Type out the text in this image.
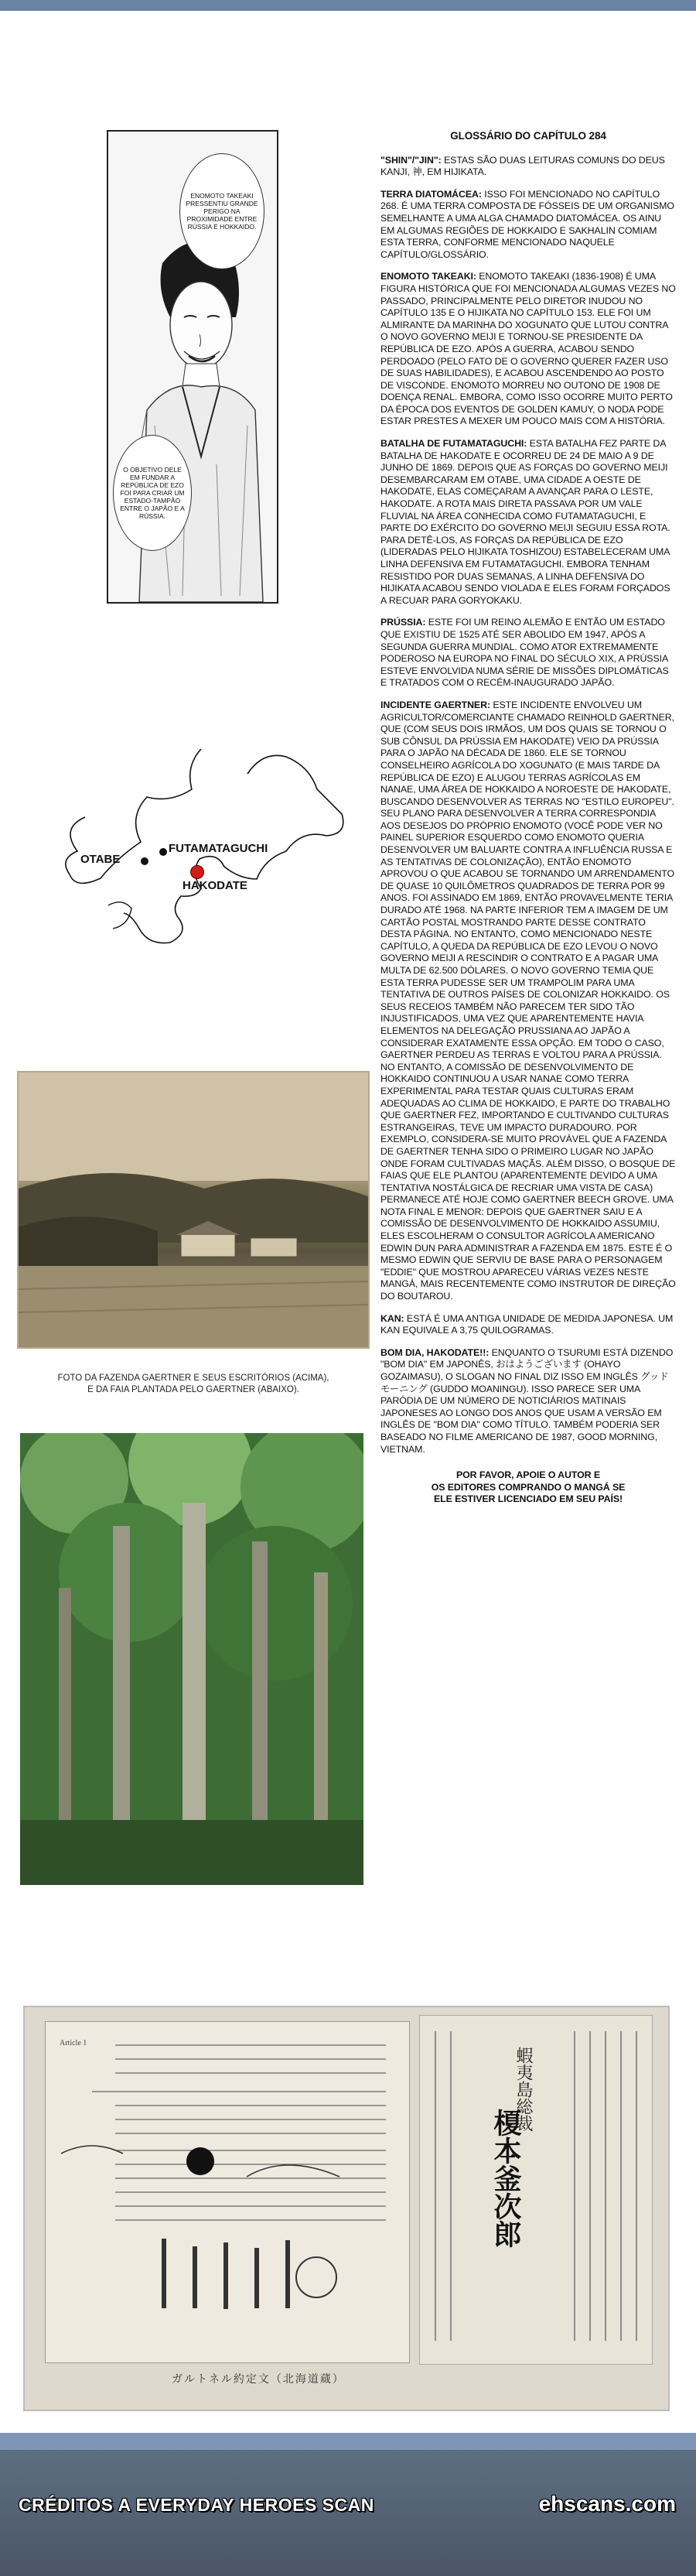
ENOMOTO TAKEAKI PRESSENTIU GRANDE PERIGO NA PROXIMIDADE ENTRE RÚSSIA E HOKKAIDO.
O OBJETIVO DELE EM FUNDAR A REPÚBLICA DE EZO FOI PARA CRIAR UM ESTADO-TAMPÃO ENTRE O JAPÃO E A RÚSSIA.
OTABE
FUTAMATAGUCHI
HAKODATE
FOTO DA FAZENDA GAERTNER E SEUS ESCRITÓRIOS (ACIMA),
E DA FAIA PLANTADA PELO GAERTNER (ABAIXO).
GLOSSÁRIO DO CAPÍTULO 284

"SHIN"/"JIN": ESTAS SÃO DUAS LEITURAS COMUNS DO DEUS KANJI, 神, EM HIJIKATA.

TERRA DIATOMÁCEA: ISSO FOI MENCIONADO NO CAPÍTULO 268. É UMA TERRA COMPOSTA DE FÓSSEIS DE UM ORGANISMO SEMELHANTE A UMA ALGA CHAMADO DIATOMÁCEA. OS AINU EM ALGUMAS REGIÕES DE HOKKAIDO E SAKHALIN COMIAM ESTA TERRA, CONFORME MENCIONADO NAQUELE CAPÍTULO/GLOSSÁRIO.

ENOMOTO TAKEAKI: ENOMOTO TAKEAKI (1836-1908) É UMA FIGURA HISTÓRICA QUE FOI MENCIONADA ALGUMAS VEZES NO PASSADO, PRINCIPALMENTE PELO DIRETOR INUDOU NO CAPÍTULO 135 E O HIJIKATA NO CAPÍTULO 153. ELE FOI UM ALMIRANTE DA MARINHA DO XOGUNATO QUE LUTOU CONTRA O NOVO GOVERNO MEIJI E TORNOU-SE PRESIDENTE DA REPÚBLICA DE EZO. APÓS A GUERRA, ACABOU SENDO PERDOADO (PELO FATO DE O GOVERNO QUERER FAZER USO DE SUAS HABILIDADES), E ACABOU ASCENDENDO AO POSTO DE VISCONDE. ENOMOTO MORREU NO OUTONO DE 1908 DE DOENÇA RENAL. EMBORA, COMO ISSO OCORRE MUITO PERTO DA ÉPOCA DOS EVENTOS DE GOLDEN KAMUY, O NODA PODE ESTAR PRESTES A MEXER UM POUCO MAIS COM A HISTÓRIA.

BATALHA DE FUTAMATAGUCHI: ESTA BATALHA FEZ PARTE DA BATALHA DE HAKODATE E OCORREU DE 24 DE MAIO A 9 DE JUNHO DE 1869. DEPOIS QUE AS FORÇAS DO GOVERNO MEIJI DESEMBARCARAM EM OTABE, UMA CIDADE A OESTE DE HAKODATE, ELAS COMEÇARAM A AVANÇAR PARA O LESTE, HAKODATE. A ROTA MAIS DIRETA PASSAVA POR UM VALE FLUVIAL NA ÁREA CONHECIDA COMO FUTAMATAGUCHI, E PARTE DO EXÉRCITO DO GOVERNO MEIJI SEGUIU ESSA ROTA. PARA DETÊ-LOS, AS FORÇAS DA REPÚBLICA DE EZO (LIDERADAS PELO HIJIKATA TOSHIZOU) ESTABELECERAM UMA LINHA DEFENSIVA EM FUTAMATAGUCHI. EMBORA TENHAM RESISTIDO POR DUAS SEMANAS, A LINHA DEFENSIVA DO HIJIKATA ACABOU SENDO VIOLADA E ELES FORAM FORÇADOS A RECUAR PARA GORYOKAKU.

PRÚSSIA: ESTE FOI UM REINO ALEMÃO E ENTÃO UM ESTADO QUE EXISTIU DE 1525 ATÉ SER ABOLIDO EM 1947, APÓS A SEGUNDA GUERRA MUNDIAL. COMO ATOR EXTREMAMENTE PODEROSO NA EUROPA NO FINAL DO SÉCULO XIX, A PRÚSSIA ESTEVE ENVOLVIDA NUMA SÉRIE DE MISSÕES DIPLOMÁTICAS E TRATADOS COM O RECÉM-INAUGURADO JAPÃO.

INCIDENTE GAERTNER: ESTE INCIDENTE ENVOLVEU UM AGRICULTOR/COMERCIANTE CHAMADO REINHOLD GAERTNER, QUE (COM SEUS DOIS IRMÃOS, UM DOS QUAIS SE TORNOU O SUB CÔNSUL DA PRÚSSIA EM HAKODATE) VEIO DA PRÚSSIA PARA O JAPÃO NA DÉCADA DE 1860. ELE SE TORNOU CONSELHEIRO AGRÍCOLA DO XOGUNATO (E MAIS TARDE DA REPÚBLICA DE EZO) E ALUGOU TERRAS AGRÍCOLAS EM NANAE, UMA ÁREA DE HOKKAIDO A NOROESTE DE HAKODATE, BUSCANDO DESENVOLVER AS TERRAS NO "ESTILO EUROPEU". SEU PLANO PARA DESENVOLVER A TERRA CORRESPONDIA AOS DESEJOS DO PRÓPRIO ENOMOTO (VOCÊ PODE VER NO PAINEL SUPERIOR ESQUERDO COMO ENOMOTO QUERIA DESENVOLVER UM BALUARTE CONTRA A INFLUÊNCIA RUSSA E AS TENTATIVAS DE COLONIZAÇÃO), ENTÃO ENOMOTO APROVOU O QUE ACABOU SE TORNANDO UM ARRENDAMENTO DE QUASE 10 QUILÔMETROS QUADRADOS DE TERRA POR 99 ANOS. FOI ASSINADO EM 1869, ENTÃO PROVAVELMENTE TERIA DURADO ATÉ 1968. NA PARTE INFERIOR TEM A IMAGEM DE UM CARTÃO POSTAL MOSTRANDO PARTE DESSE CONTRATO DESTA PÁGINA. NO ENTANTO, COMO MENCIONADO NESTE CAPÍTULO, A QUEDA DA REPÚBLICA DE EZO LEVOU O NOVO GOVERNO MEIJI A RESCINDIR O CONTRATO E A PAGAR UMA MULTA DE 62.500 DÓLARES. O NOVO GOVERNO TEMIA QUE ESTA TERRA PUDESSE SER UM TRAMPOLIM PARA UMA TENTATIVA DE OUTROS PAÍSES DE COLONIZAR HOKKAIDO. OS SEUS RECEIOS TAMBÉM NÃO PARECEM TER SIDO TÃO INJUSTIFICADOS, UMA VEZ QUE APARENTEMENTE HAVIA ELEMENTOS NA DELEGAÇÃO PRUSSIANA AO JAPÃO A CONSIDERAR EXATAMENTE ESSA OPÇÃO. EM TODO O CASO, GAERTNER PERDEU AS TERRAS E VOLTOU PARA A PRÚSSIA. NO ENTANTO, A COMISSÃO DE DESENVOLVIMENTO DE HOKKAIDO CONTINUOU A USAR NANAE COMO TERRA EXPERIMENTAL PARA TESTAR QUAIS CULTURAS ERAM ADEQUADAS AO CLIMA DE HOKKAIDO, E PARTE DO TRABALHO QUE GAERTNER FEZ, IMPORTANDO E CULTIVANDO CULTURAS ESTRANGEIRAS, TEVE UM IMPACTO DURADOURO. POR EXEMPLO, CONSIDERA-SE MUITO PROVÁVEL QUE A FAZENDA DE GAERTNER TENHA SIDO O PRIMEIRO LUGAR NO JAPÃO ONDE FORAM CULTIVADAS MAÇÃS. ALÉM DISSO, O BOSQUE DE FAIAS QUE ELE PLANTOU (APARENTEMENTE DEVIDO A UMA TENTATIVA NOSTÁLGICA DE RECRIAR UMA VISTA DE CASA) PERMANECE ATÉ HOJE COMO GAERTNER BEECH GROVE. UMA NOTA FINAL E MENOR: DEPOIS QUE GAERTNER SAIU E A COMISSÃO DE DESENVOLVIMENTO DE HOKKAIDO ASSUMIU, ELES ESCOLHERAM O CONSULTOR AGRÍCOLA AMERICANO EDWIN DUN PARA ADMINISTRAR A FAZENDA EM 1875. ESTE É O MESMO EDWIN QUE SERVIU DE BASE PARA O PERSONAGEM "EDDIE" QUE MOSTROU APARECEU VÁRIAS VEZES NESTE MANGÁ, MAIS RECENTEMENTE COMO INSTRUTOR DE DIREÇÃO DO BOUTAROU.

KAN: ESTÁ É UMA ANTIGA UNIDADE DE MEDIDA JAPONESA. UM KAN EQUIVALE A 3,75 QUILOGRAMAS.

BOM DIA, HAKODATE!!: ENQUANTO O TSURUMI ESTÁ DIZENDO "BOM DIA" EM JAPONÊS, おはようございます (OHAYO GOZAIMASU), O SLOGAN NO FINAL DIZ ISSO EM INGLÊS グッドモーニング (GUDDO MOANINGU). ISSO PARECE SER UMA PARÓDIA DE UM NÚMERO DE NOTICIÁRIOS MATINAIS JAPONESES AO LONGO DOS ANOS QUE USAM A VERSÃO EM INGLÊS DE "BOM DIA" COMO TÍTULO. TAMBÉM PODERIA SER BASEADO NO FILME AMERICANO DE 1987, GOOD MORNING, VIETNAM.

POR FAVOR, APOIE O AUTOR E
OS EDITORES COMPRANDO O MANGÁ SE
ELE ESTIVER LICENCIADO EM SEU PAÍS!
Article 1
蝦夷島総裁
榎本釜次郎
ガルトネル約定文（北海道蔵）
CRÉDITOS A EVERYDAY HEROES SCAN	ehscans.com
